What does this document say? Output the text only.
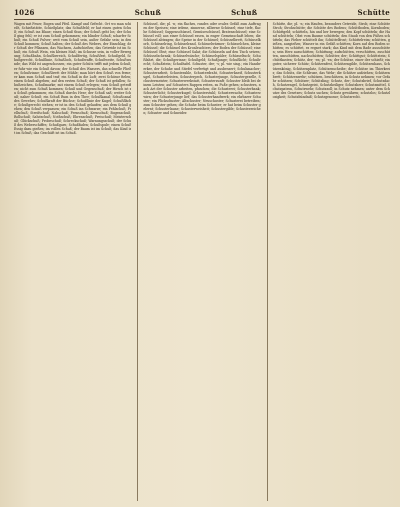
1026	Schuß	Schuß	Schütte
Wagen mit Feuer, Bogen und Pfeil. Kampf und Gefecht. Ort wo man schießt, Schießstätte, Schießplatz; das Schußfeld; er hat einen guten Schuß; ein Schuß ins Blaue; einen Schuß thun; der Schuß geht los; der Schuß ging fehl; er ist zum Schuß gekommen; ein blinder Schuß; scharfer Schuß; ein Schuß Pulver; weit vom Schuß sein, außer Gefahr sein; in den Schuß kommen; Schuß halten; der Schuß des Webers, der Einschlag; der Schuß der Pflanzen, das Wachsen, Aufschießen; das Getreide ist im Schuß; ein Schuß Wein, ein kleines Maß; im Schusse sein, in voller Bewegung; Schußbahn, Schußbereich, Schußfertig, Schußfest, Schußgeld, Schußgerecht, Schußlinie, Schußloch, Schußwaffe, Schußweite, Schußwunde; das Wild ist angeschossen; ein guter Schütz trifft mit jedem Schuß; er fuhr wie ein Schuß davon; der Schuß des Wassers, das schnelle Fließen; Schußrinne; Schußbrett der Mühle; man hört den Schuß von ferne; er kam zum Schuß und traf; ein Schuß in die Luft; zwei Schüsse fielen; einen Schuß abgeben; auf den ersten Schuß; der Schuß ist gefallen; Schußzeichen, Schußmarke; mit einem Schuß erlegen; vom Schuß getroffen; nicht zum Schuß kommen; Schuß und Gegenschuß; der Hirsch ist zu Schuß gekommen; ein Schuß durchs Herz; der Schuß saß; weiter Schuß; naher Schuß; ein Schuß Rum in den Thee; Schußkanal; Schußcanal des Gewehrs; Schußkraft der Büchse; Schußlinie der Kugel; Schußfläche; Schußgerecht stehen; er ist in den Schuß gelaufen; aus dem Schuß gehen; den Schuß verpassen; ein Schuß ins Schwarze; ein Fehlschuß; Prellschuß; Streifschuß; Nahschuß; Fernschuß; Kernschuß; Bogenschuß; Rollschuß; Salutschuß; Nothschuß; Ehrenschuß; Freischuß; Meisterschuß; Glückschuß; Probeschuß; Schreckschuß; Warnungsschuß; der Schuß des Weberschiffes; Schußgarn; Schußfaden; Schußspule; einen Schuß Essig dazu gießen; im vollen Schuß; der Baum ist im Schuß; das Kind ist im Schuß; das Geschäft ist im Schuß.
Schüssel, die; pl. -n; ein flaches, rundes oder ovales Gefäß zum Auftragen der Speisen; eine irdene, zinnerne, silberne Schüssel; eine tiefe, flache Schüssel; Suppenschüssel, Gemüseschüssel, Bratenschüssel; eine Schüssel voll; aus einer Schüssel essen, in enger Gemeinschaft leben; die Schüssel abtragen; die Speise in der Schüssel; Schüsselbrett, Schüsselkorb, Schüsselring, Schüsselrand, Schüsselwärmer; Schüsselchen, kleine Schüssel; die Schüssel des Kronleuchters; der Boden der Schüssel; eine Schüssel Obst; eine Schüssel Salat; die Schüsseln auf den Tisch setzen; Schüsselschrank; Schüsselwäsche; Schüsselspüler; Schüsseltuch; Schußfahrt, die; Schußgerinne; Schußgeld; Schußjunge; Schußlicht; Schußrecht; Schußstein; Schußtafel. Schuster, der; -s; pl. wie sing.; ein Handwerker, der Schuhe und Stiefel verfertigt und ausbessert; Schuhmacher; Schusterarbeit, Schusterahle, Schusterdraht, Schusterkneif, Schusterkugel, Schusterleisten, Schusterpech, Schusterjunge, Schustergeselle, Schustermeister, Schusterwerkstatt, Schusterzunft; Schuster bleib bei deinem Leisten; auf Schusters Rappen reiten, zu Fuße gehen; schustern, nach Art der Schuster arbeiten, pfuschen; die Schusterei; Schusterbank; Schusterlicht; Schusterkugel; Schusterstuhl; Schusterwachs; Schusterzwirn; der Schusterjunge lief; das Schusterhandwerk; ein ehrbarer Schuster; ein Flickschuster; Altschuster; Neuschuster; Schusterei betreiben; zum Schuster gehen; die Schuhe beim Schuster; er hat beim Schuster gelernt; Schusterlaune; Schusterweisheit; Schustergilde; Schusterzeichen; Schuster und Schneider.
Schütte, die; pl. -n; ein Haufen, besonders Getreide, Stroh; eine Schütte Stroh; Strohschütte; die Schütte des Bodens; Schüttboden, Kornboden; Schüttgeld; schütteln, hin und her bewegen; den Kopf schütteln; die Hand schütteln; Obst vom Baume schütteln; den Staub von den Füßen schütteln; das Fieber schüttelt ihn; Schüttelfrost; Schüttelreim; schütten, gießen, ausgießen; Wasser in ein Gefäß schütten; Korn auf den Boden schütten; es schüttet, es regnet stark; das Kind mit dem Bade ausschütten; sein Herz ausschütten; Schüttung; aufschütten, verschütten, zuschütten, umschütten, nachschütten; Schütter, der; Schüttgut; Schüttstein; Schüttkasten; Schütz, der; -en; pl. -en; der Schütze, einer der schießt; ein guter, sicherer Schütz; Schützenfest, Schützengilde, Schützenhaus, Schützenkönig, Schützenplatz, Schützenscheibe; der Schütze im Thierkreis; das Schütz, die Schleuse, das Wehr; die Schütze aufziehen; Schützenbrett; Schützenwehr; schützen, beschützen, in Schutz nehmen; vor Gefahr schützen; Schützer; Schützling; Schutz, der; Schutzbrief, Schutzdach, Schutzengel, Schutzgeist, Schutzheiliger, Schutzherr, Schutzmittel, Schutzpatron, Schutzwehr, Schutzzoll; in Schutz nehmen; unter dem Schutze des Gesetzes; Schutz suchen; Schutz gewähren; schutzlos; Schutzlosigkeit; Schutzbündniß; Schutzgenosse; Schutzrecht.
